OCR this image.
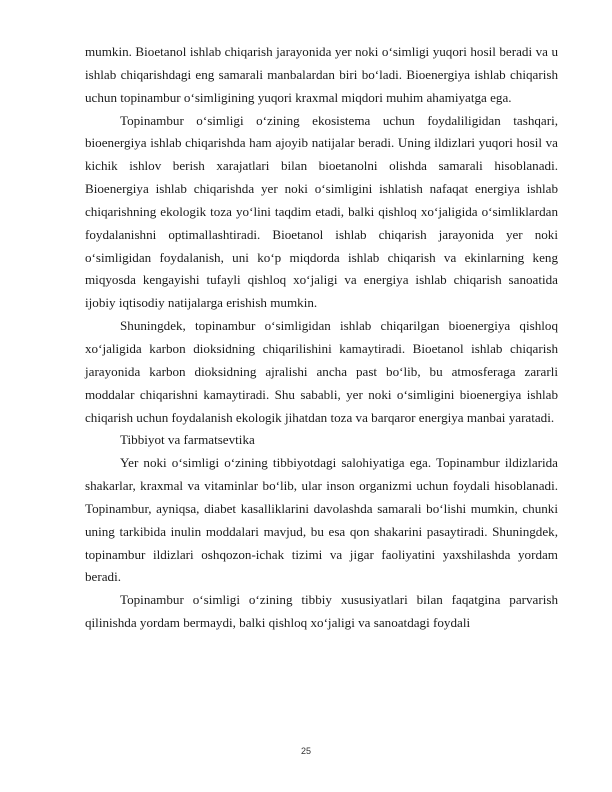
mumkin. Bioetanol ishlab chiqarish jarayonida yer noki o‘simligi yuqori hosil beradi va u ishlab chiqarishdagi eng samarali manbalardan biri bo‘ladi. Bioenergiya ishlab chiqarish uchun topinambur o‘simligining yuqori kraxmal miqdori muhim ahamiyatga ega.

Topinambur o‘simligi o‘zining ekosistema uchun foydaliligidan tashqari, bioenergiya ishlab chiqarishda ham ajoyib natijalar beradi. Uning ildizlari yuqori hosil va kichik ishlov berish xarajatlari bilan bioetanolni olishda samarali hisoblanadi. Bioenergiya ishlab chiqarishda yer noki o‘simligini ishlatish nafaqat energiya ishlab chiqarishning ekologik toza yo‘lini taqdim etadi, balki qishloq xo‘jaligida o‘simliklardan foydalanishni optimallashtiradi. Bioetanol ishlab chiqarish jarayonida yer noki o‘simligidan foydalanish, uni ko‘p miqdorda ishlab chiqarish va ekinlarning keng miqyosda kengayishi tufayli qishloq xo‘jaligi va energiya ishlab chiqarish sanoatida ijobiy iqtisodiy natijalarga erishish mumkin.

Shuningdek, topinambur o‘simligidan ishlab chiqarilgan bioenergiya qishloq xo‘jaligida karbon dioksidning chiqarilishini kamaytiradi. Bioetanol ishlab chiqarish jarayonida karbon dioksidning ajralishi ancha past bo‘lib, bu atmosferaga zararli moddalar chiqarishni kamaytiradi. Shu sababli, yer noki o‘simligini bioenergiya ishlab chiqarish uchun foydalanish ekologik jihatdan toza va barqaror energiya manbai yaratadi.

Tibbiyot va farmatsevtika

Yer noki o‘simligi o‘zining tibbiyotdagi salohiyatiga ega. Topinambur ildizlarida shakarlar, kraxmal va vitaminlar bo‘lib, ular inson organizmi uchun foydali hisoblanadi. Topinambur, ayniqsa, diabet kasalliklarini davolashda samarali bo‘lishi mumkin, chunki uning tarkibida inulin moddalari mavjud, bu esa qon shakarini pasaytiradi. Shuningdek, topinambur ildizlari oshqozon-ichak tizimi va jigar faoliyatini yaxshilashda yordam beradi.

Topinambur o‘simligi o‘zining tibbiy xususiyatlari bilan faqatgina parvarish qilinishda yordam bermaydi, balki qishloq xo‘jaligi va sanoatdagi foydali

25
